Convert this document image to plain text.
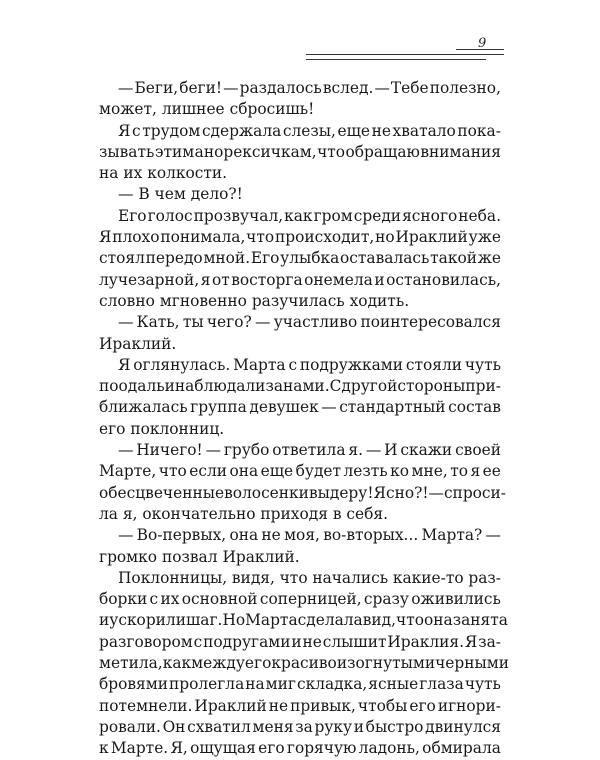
9
— Беги, беги! — раздалось вслед. — Тебе полезно,
может, лишнее сбросишь!
Я с трудом сдержала слезы, еще не хватало пока-
зывать этим анорексичкам, что обращаю внимания
на их колкости.
— В чем дело?!
Его голос прозвучал, как гром среди ясного неба.
Я плохо понимала, что происходит, но Ираклий уже
стоял передо мной. Его улыбка оставалась такой же
лучезарной, я от восторга онемела и остановилась,
словно мгновенно разучилась ходить.
— Кать, ты чего? — участливо поинтересовался
Ираклий.
Я оглянулась. Марта с подружками стояли чуть
поодаль и наблюдали за нами. С другой стороны при-
ближалась группа девушек — стандартный состав
его поклонниц.
— Ничего! — грубо ответила я. — И скажи своей
Марте, что если она еще будет лезть ко мне, то я ее
обесцвеченные волосенки выдеру! Ясно?! — спроси-
ла я, окончательно приходя в себя.
— Во-первых, она не моя, во-вторых... Марта? —
громко позвал Ираклий.
Поклонницы, видя, что начались какие-то раз-
борки с их основной соперницей, сразу оживились
и ускорили шаг. Но Марта сделала вид, что она занята
разговором с подругами и не слышит Ираклия. Я за-
метила, как между его красиво изогнутыми черными
бровями пролегла на миг складка, ясные глаза чуть
потемнели. Ираклий не привык, чтобы его игнори-
ровали. Он схватил меня за руку и быстро двинулся
к Марте. Я, ощущая его горячую ладонь, обмирала
